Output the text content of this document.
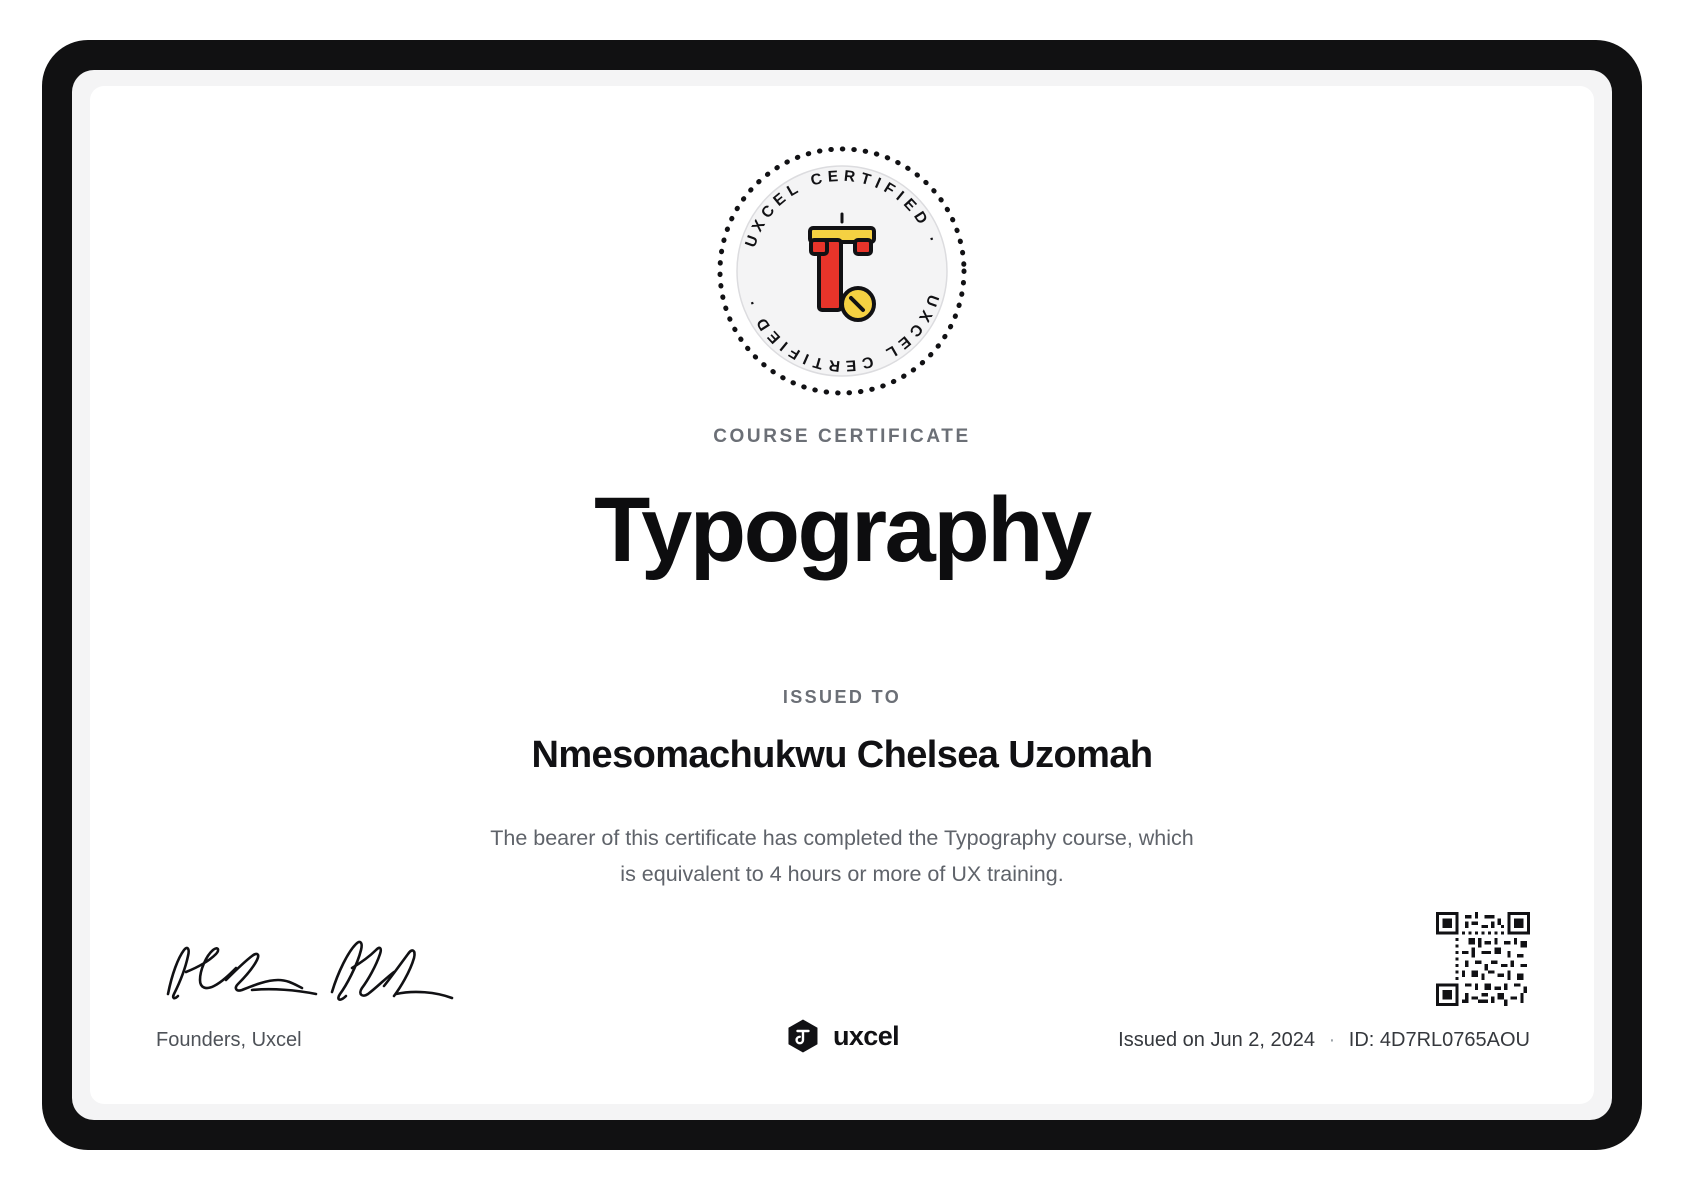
UXCEL CERTIFIED ·
UXCEL CERTIFIED ·
COURSE CERTIFICATE
Typography
ISSUED TO
Nmesomachukwu Chelsea Uzomah
The bearer of this certificate has completed the Typography course, which
is equivalent to 4 hours or more of UX training.
Founders, Uxcel	uxcel	Issued on Jun 2, 2024 · ID: 4D7RL0765AOU
